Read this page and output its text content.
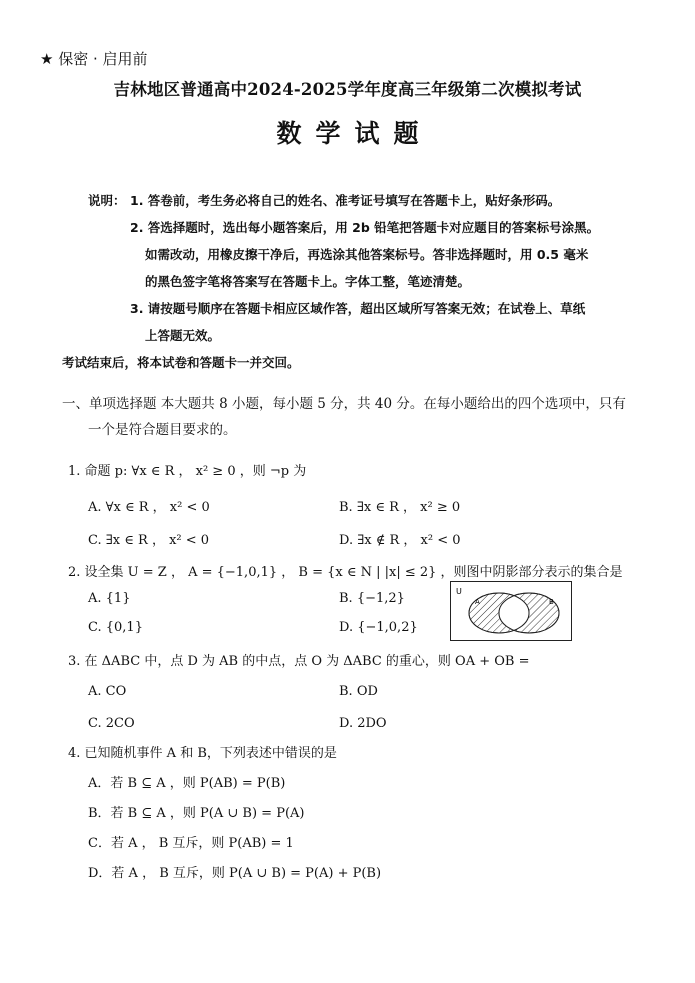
★ 保密 · 启用前
吉林地区普通高中2024-2025学年度高三年级第二次模拟考试
数学试题
说明： 1. 答卷前，考生务必将自己的姓名、准考证号填写在答题卡上，贴好条形码。
2. 答选择题时，选出每小题答案后，用 2b 铅笔把答题卡对应题目的答案标号涂黑。
如需改动，用橡皮擦干净后，再选涂其他答案标号。答非选择题时，用 0.5 毫米
的黑色签字笔将答案写在答题卡上。字体工整，笔迹清楚。
3. 请按题号顺序在答题卡相应区域作答，超出区域所写答案无效；在试卷上、草纸
上答题无效。
考试结束后，将本试卷和答题卡一并交回。
一、单项选择题 本大题共 8 小题，每小题 5 分，共 40 分。在每小题给出的四个选项中，只有
一个是符合题目要求的。
1. 命题 p: ∀x ∈ R ， x² ≥ 0 ，则 ¬p 为
A. ∀x ∈ R ， x² < 0	B. ∃x ∈ R ， x² ≥ 0
C. ∃x ∈ R ， x² < 0	D. ∃x ∉ R ， x² < 0
2. 设全集 U = Z ， A = {−1,0,1} ， B = {x ∈ N | |x| ≤ 2} ，则图中阴影部分表示的集合是
A. {1}	B. {−1,2}
C. {0,1}	D. {−1,0,2}
U
A	B
3. 在 ΔABC 中，点 D 为 AB 的中点，点 O 为 ΔABC 的重心，则 OA + OB =
A. CO	B. OD
C. 2CO	D. 2DO
4. 已知随机事件 A 和 B，下列表述中错误的是
A．若 B ⊆ A ，则 P(AB) = P(B)
B．若 B ⊆ A ，则 P(A ∪ B) = P(A)
C．若 A ， B 互斥，则 P(AB) = 1
D．若 A ， B 互斥，则 P(A ∪ B) = P(A) + P(B)
